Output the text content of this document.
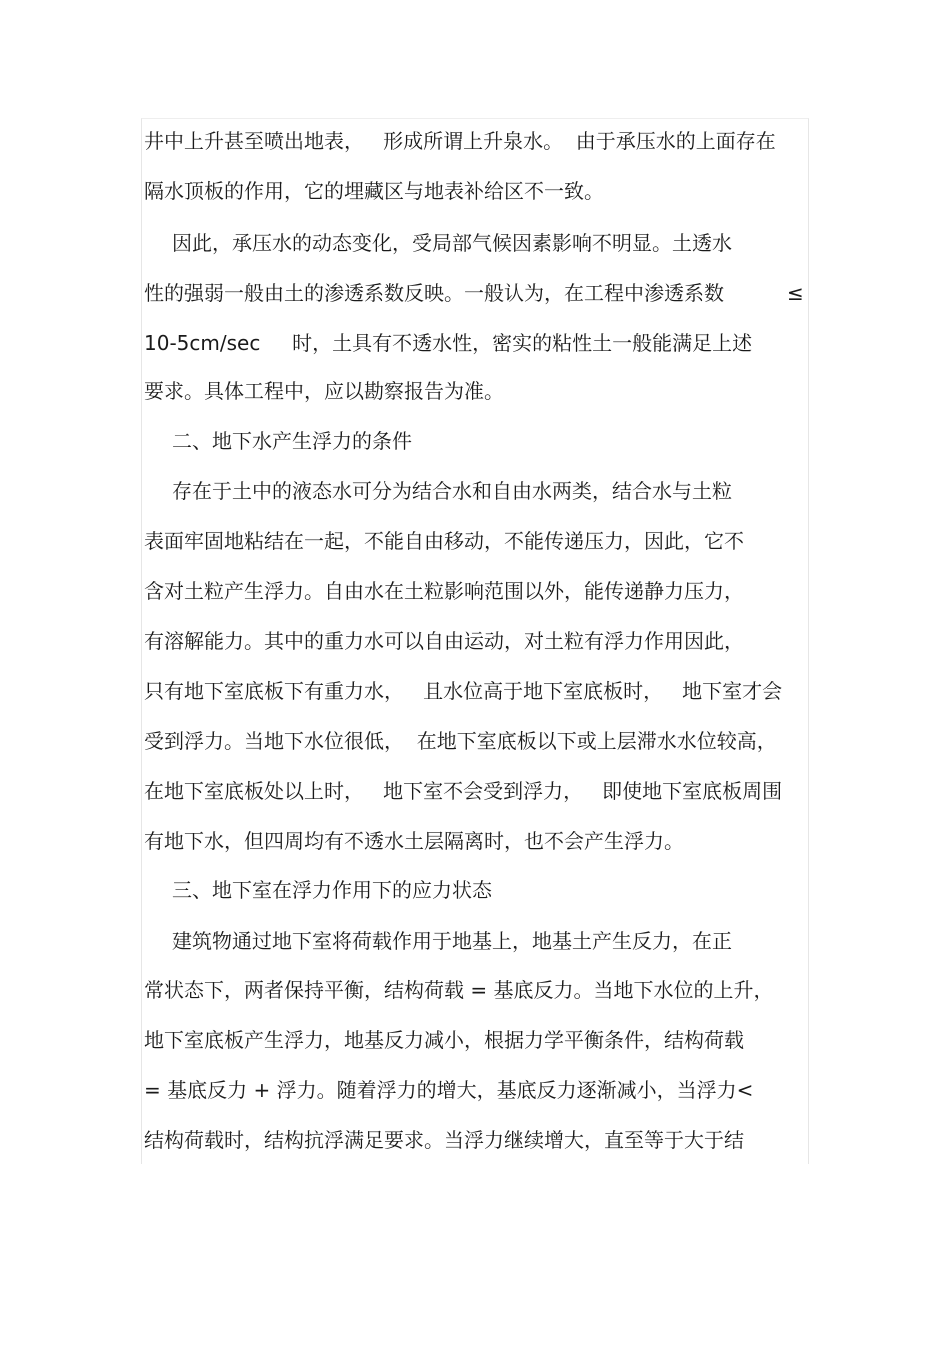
井中上升甚至喷出地表，   形成所谓上升泉水。  由于承压水的上面存在
隔水顶板的作用，它的埋藏区与地表补给区不一致。
因此，承压水的动态变化，受局部气候因素影响不明显。土透水
性的强弱一般由土的渗透系数反映。一般认为，在工程中渗透系数	≤
10-5cm/sec     时，土具有不透水性，密实的粘性土一般能满足上述
要求。具体工程中，应以勘察报告为准。
二、地下水产生浮力的条件
存在于土中的液态水可分为结合水和自由水两类，结合水与土粒
表面牢固地粘结在一起，不能自由移动，不能传递压力，因此，它不
含对土粒产生浮力。自由水在土粒影响范围以外，能传递静力压力，
有溶解能力。其中的重力水可以自由运动，对土粒有浮力作用因此，
只有地下室底板下有重力水，   且水位高于地下室底板时，   地下室才会
受到浮力。当地下水位很低，  在地下室底板以下或上层滞水水位较高，
在地下室底板处以上时，   地下室不会受到浮力，   即使地下室底板周围
有地下水，但四周均有不透水土层隔离时，也不会产生浮力。
三、地下室在浮力作用下的应力状态
建筑物通过地下室将荷载作用于地基上，地基土产生反力，在正
常状态下，两者保持平衡，结构荷载 = 基底反力。当地下水位的上升，
地下室底板产生浮力，地基反力减小，根据力学平衡条件，结构荷载
= 基底反力 + 浮力。随着浮力的增大，基底反力逐渐减小，当浮力<
结构荷载时，结构抗浮满足要求。当浮力继续增大，直至等于大于结
